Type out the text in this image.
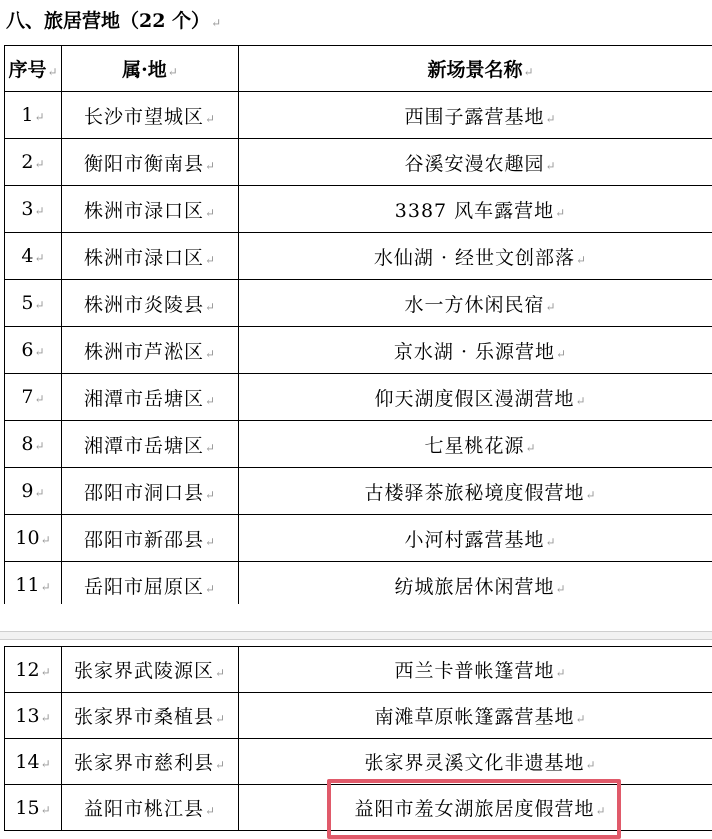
八、旅居营地（22 个）↵
序号↵	属·地↵	新场景名称↵
1↵	长沙市望城区↵	西围子露营基地↵
2↵	衡阳市衡南县↵	谷溪安漫农趣园↵
3↵	株洲市渌口区↵	3387 风车露营地↵
4↵	株洲市渌口区↵	水仙湖 · 经世文创部落↵
5↵	株洲市炎陵县↵	水一方休闲民宿↵
6↵	株洲市芦淞区↵	京水湖 · 乐源营地↵
7↵	湘潭市岳塘区↵	仰天湖度假区漫湖营地↵
8↵	湘潭市岳塘区↵	七星桃花源↵
9↵	邵阳市洞口县↵	古楼驿茶旅秘境度假营地↵
10↵	邵阳市新邵县↵	小河村露营基地↵
11↵	岳阳市屈原区↵	纺城旅居休闲营地↵
12↵	张家界武陵源区↵	西兰卡普帐篷营地↵
13↵	张家界市桑植县↵	南滩草原帐篷露营基地↵
14↵	张家界市慈利县↵	张家界灵溪文化非遗基地↵
15↵	益阳市桃江县↵	益阳市羞女湖旅居度假营地↵
